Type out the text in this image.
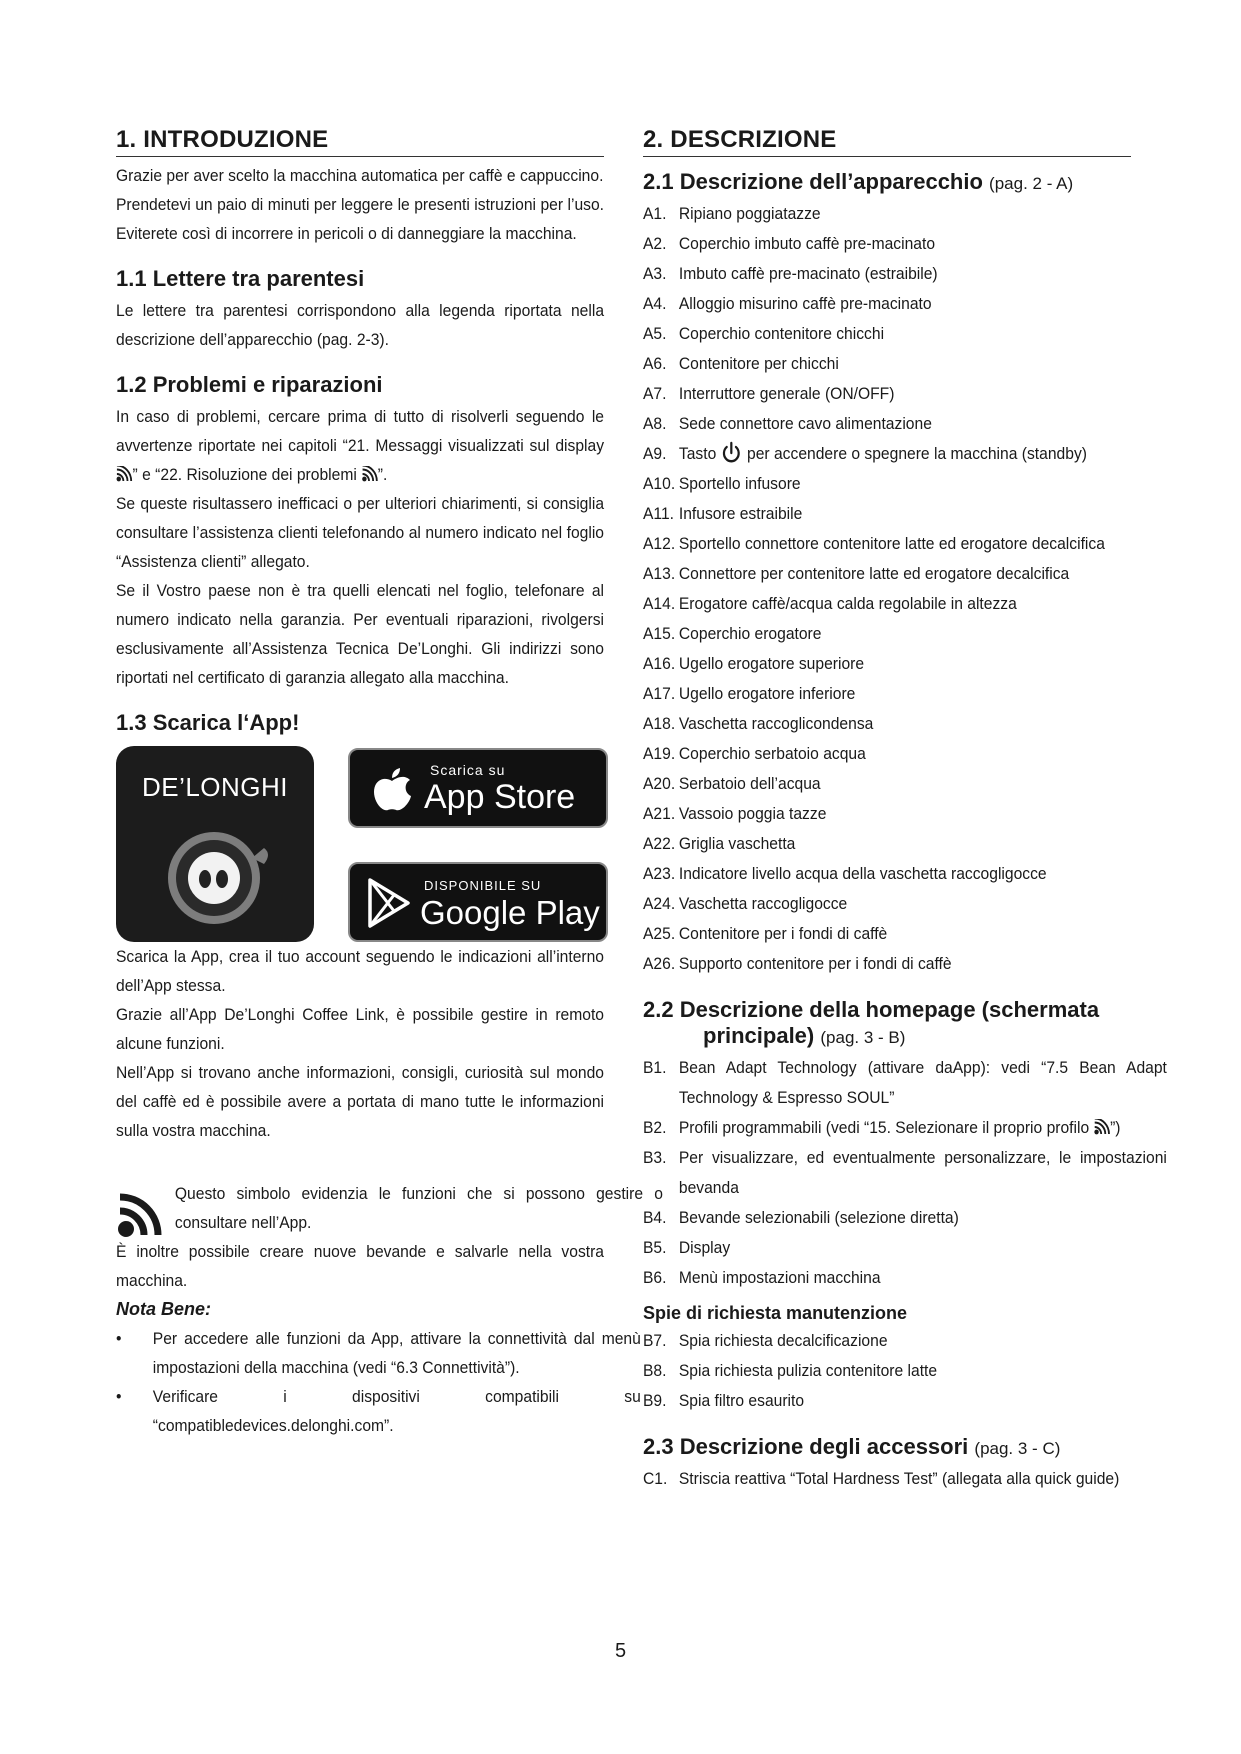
1. INTRODUZIONE

Grazie per aver scelto la macchina automatica per caffè e cappuccino.

Prendetevi un paio di minuti per leggere le presenti istruzioni per l’uso. Eviterete così di incorrere in pericoli o di danneggiare la macchina.

1.1 Lettere tra parentesi

Le lettere tra parentesi corrispondono alla legenda riportata nella descrizione dell’apparecchio (pag. 2-3).

1.2 Problemi e riparazioni

In caso di problemi, cercare prima di tutto di risolverli seguendo le avvertenze riportate nei capitoli “21. Messaggi visualizzati sul display ” e “22. Risoluzione dei problemi ”.

Se queste risultassero inefficaci o per ulteriori chiarimenti, si consiglia consultare l’assistenza clienti telefonando al numero indicato nel foglio “Assistenza clienti” allegato.

Se il Vostro paese non è tra quelli elencati nel foglio, telefonare al numero indicato nella garanzia. Per eventuali riparazioni, rivolgersi esclusivamente all’Assistenza Tecnica De’Longhi. Gli indirizzi sono riportati nel certificato di garanzia allegato alla macchina.

1.3 Scarica l‘App!
DE’LONGHI
Scarica su
App Store
DISPONIBILE SU
Google Play

Scarica la App, crea il tuo account seguendo le indicazioni all’interno dell’App stessa.

Grazie all’App De’Longhi Coffee Link, è possibile gestire in remoto alcune funzioni.

Nell’App si trovano anche informazioni, consigli, curiosità sul mondo del caffè ed è possibile avere a portata di mano tutte le informazioni sulla vostra macchina.

Questo simbolo evidenzia le funzioni che si possono gestire o consultare nell’App.

È inoltre possibile creare nuove bevande e salvarle nella vostra macchina.

Nota Bene:

• Per accedere alle funzioni da App, attivare la connettività dal menù impostazioni della macchina (vedi “6.3 Connettività”).
• Verificare i dispositivi compatibili su “compatibledevices.delonghi.com”.
2. DESCRIZIONE
2.1 Descrizione dell’apparecchio (pag. 2 - A)
A1. Ripiano poggiatazze
A2. Coperchio imbuto caffè pre-macinato
A3. Imbuto caffè pre-macinato (estraibile)
A4. Alloggio misurino caffè pre-macinato
A5. Coperchio contenitore chicchi
A6. Contenitore per chicchi
A7. Interruttore generale (ON/OFF)
A8. Sede connettore cavo alimentazione
A9. Tasto  per accendere o spegnere la macchina (standby)
A10. Sportello infusore
A11. Infusore estraibile
A12. Sportello connettore contenitore latte ed erogatore decalcifica
A13. Connettore per contenitore latte ed erogatore decalcifica
A14. Erogatore caffè/acqua calda regolabile in altezza
A15. Coperchio erogatore
A16. Ugello erogatore superiore
A17. Ugello erogatore inferiore
A18. Vaschetta raccoglicondensa
A19. Coperchio serbatoio acqua
A20. Serbatoio dell’acqua
A21. Vassoio poggia tazze
A22. Griglia vaschetta
A23. Indicatore livello acqua della vaschetta raccogligocce
A24. Vaschetta raccogligocce
A25. Contenitore per i fondi di caffè
A26. Supporto contenitore per i fondi di caffè
2.2 Descrizione della homepage (schermata
principale) (pag. 3 - B)
B1. Bean Adapt Technology (attivare daApp): vedi “7.5 Bean Adapt Technology & Espresso SOUL”
B2. Profili programmabili (vedi “15. Selezionare il proprio profilo ”)
B3. Per visualizzare, ed eventualmente personalizzare, le impostazioni bevanda
B4. Bevande selezionabili (selezione diretta)
B5. Display
B6. Menù impostazioni macchina
Spie di richiesta manutenzione
B7. Spia richiesta decalcificazione
B8. Spia richiesta pulizia contenitore latte
B9. Spia filtro esaurito
2.3 Descrizione degli accessori (pag. 3 - C)
C1. Striscia reattiva “Total Hardness Test” (allegata alla quick guide)
5
